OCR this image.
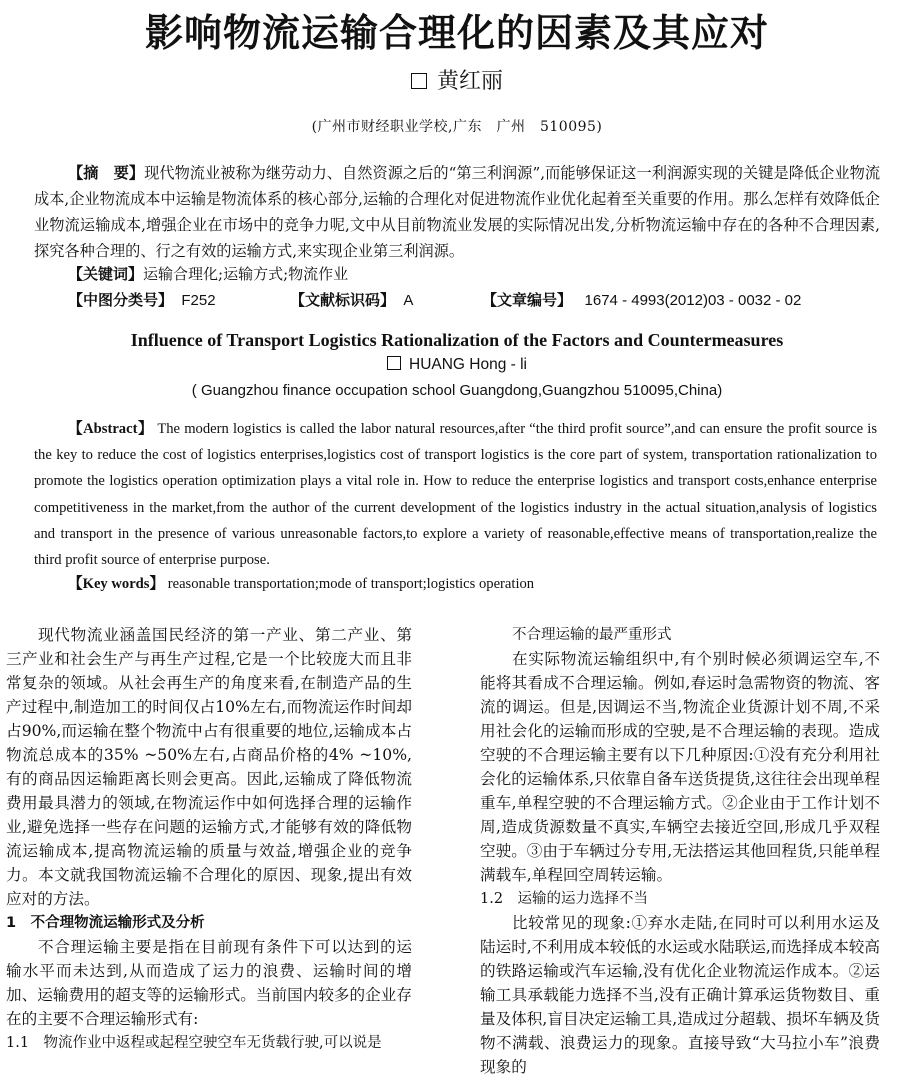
影响物流运输合理化的因素及其应对
黄红丽
(广州市财经职业学校,广东　广州　510095)
【摘　要】现代物流业被称为继劳动力、自然资源之后的“第三利润源”,而能够保证这一利润源实现的关键是降低企业物流成本,企业物流成本中运输是物流体系的核心部分,运输的合理化对促进物流作业优化起着至关重要的作用。那么怎样有效降低企业物流运输成本,增强企业在市场中的竞争力呢,文中从目前物流业发展的实际情况出发,分析物流运输中存在的各种不合理因素,探究各种合理的、行之有效的运输方式,来实现企业第三利润源。
【关键词】运输合理化;运输方式;物流作业
【中图分类号】 F252	【文献标识码】 A	【文章编号】 1674 - 4993(2012)03 - 0032 - 02
Influence of Transport Logistics Rationalization of the Factors and Countermeasures
HUANG Hong - li
( Guangzhou finance occupation school Guangdong,Guangzhou 510095,China)
【Abstract】 The modern logistics is called the labor natural resources,after “the third profit source”,and can ensure the profit source is the key to reduce the cost of logistics enterprises,logistics cost of transport logistics is the core part of system, transportation rationalization to promote the logistics operation optimization plays a vital role in. How to reduce the enterprise logistics and transport costs,enhance enterprise competitiveness in the market,from the author of the current development of the logistics industry in the actual situation,analysis of logistics and transport in the presence of various unreasonable factors,to explore a variety of reasonable,effective means of transportation,realize the third profit source of enterprise purpose.
【Key words】 reasonable transportation;mode of transport;logistics operation

现代物流业涵盖国民经济的第一产业、第二产业、第三产业和社会生产与再生产过程,它是一个比较庞大而且非常复杂的领域。从社会再生产的角度来看,在制造产品的生产过程中,制造加工的时间仅占10%左右,而物流运作时间却占90%,而运输在整个物流中占有很重要的地位,运输成本占物流总成本的35% ~50%左右,占商品价格的4% ~10%,有的商品因运输距离长则会更高。因此,运输成了降低物流费用最具潜力的领域,在物流运作中如何选择合理的运输作业,避免选择一些存在问题的运输方式,才能够有效的降低物流运输成本,提高物流运输的质量与效益,增强企业的竞争力。本文就我国物流运输不合理化的原因、现象,提出有效应对的方法。

1　不合理物流运输形式及分析

不合理运输主要是指在目前现有条件下可以达到的运输水平而未达到,从而造成了运力的浪费、运输时间的增加、运输费用的超支等的运输形式。当前国内较多的企业存在的主要不合理运输形式有:

1.1　物流作业中返程或起程空驶空车无货载行驶,可以说是

不合理运输的最严重形式

在实际物流运输组织中,有个别时候必须调运空车,不能将其看成不合理运输。例如,春运时急需物资的物流、客流的调运。但是,因调运不当,物流企业货源计划不周,不采用社会化的运输而形成的空驶,是不合理运输的表现。造成空驶的不合理运输主要有以下几种原因:①没有充分利用社会化的运输体系,只依靠自备车送货提货,这往往会出现单程重车,单程空驶的不合理运输方式。②企业由于工作计划不周,造成货源数量不真实,车辆空去接近空回,形成几乎双程空驶。③由于车辆过分专用,无法搭运其他回程货,只能单程满载车,单程回空周转运输。

1.2　运输的运力选择不当

比较常见的现象:①弃水走陆,在同时可以利用水运及陆运时,不利用成本较低的水运或水陆联运,而选择成本较高的铁路运输或汽车运输,没有优化企业物流运作成本。②运输工具承载能力选择不当,没有正确计算承运货物数目、重量及体积,盲目决定运输工具,造成过分超载、损坏车辆及货物不满载、浪费运力的现象。直接导致“大马拉小车”浪费现象的
